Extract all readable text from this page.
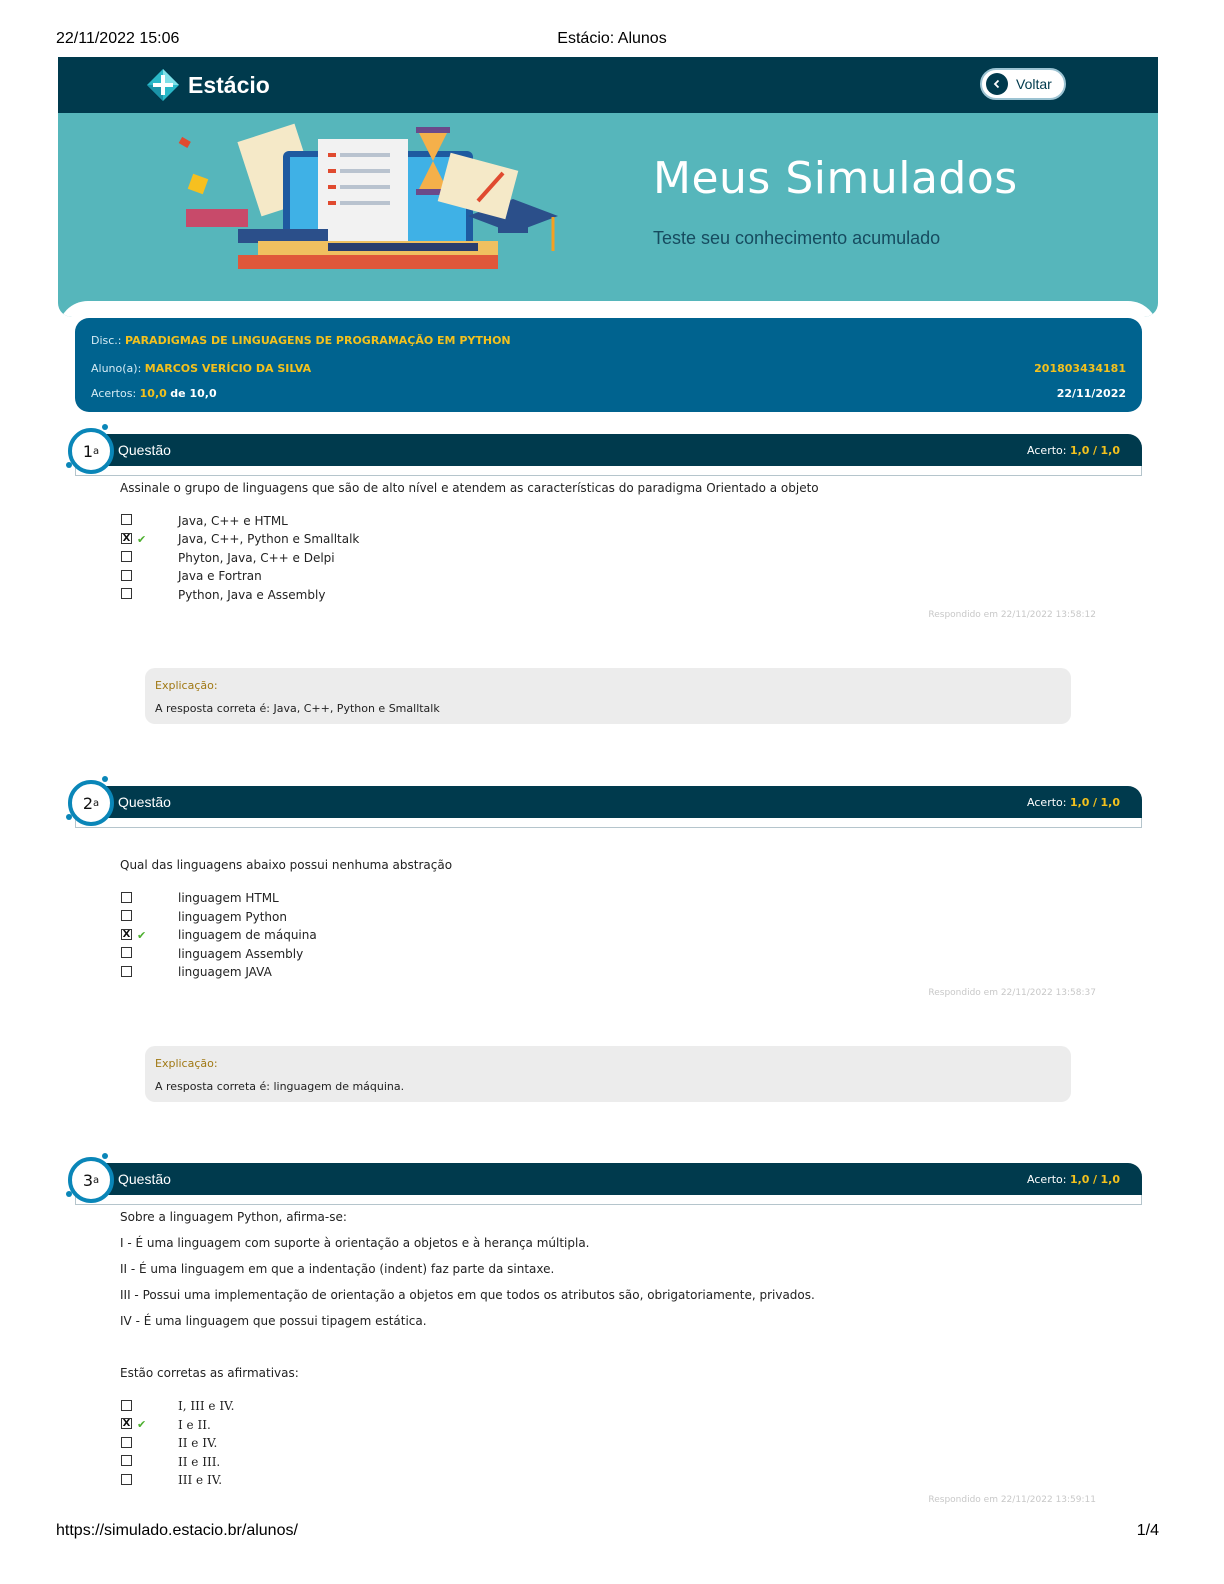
22/11/2022 15:06	Estácio: Alunos
Estácio	Voltar
Meus Simulados
Teste seu conhecimento acumulado
Disc.: PARADIGMAS DE LINGUAGENS DE PROGRAMAÇÃO EM PYTHON
Aluno(a): MARCOS VERÍCIO DA SILVA	201803434181
Acertos: 10,0 de 10,0	22/11/2022
Questão	Acerto: 1,0 / 1,0
1 a
Assinale o grupo de linguagens que são de alto nível e atendem as características do paradigma Orientado a objeto
Java, C++ e HTML
X
✔	Java, C++, Python e Smalltalk
Phyton, Java, C++ e Delpi
Java e Fortran
Python, Java e Assembly
Respondido em 22/11/2022 13:58:12
Explicação:
A resposta correta é: Java, C++, Python e Smalltalk
Questão	Acerto: 1,0 / 1,0
2 a
Qual das linguagens abaixo possui nenhuma abstração
linguagem HTML
linguagem Python
X
✔	linguagem de máquina
linguagem Assembly
linguagem JAVA
Respondido em 22/11/2022 13:58:37
Explicação:
A resposta correta é: linguagem de máquina.
Questão	Acerto: 1,0 / 1,0
3 a
Sobre a linguagem Python, afirma-se:
I - É uma linguagem com suporte à orientação a objetos e à herança múltipla.
II - É uma linguagem em que a indentação (indent) faz parte da sintaxe.
III - Possui uma implementação de orientação a objetos em que todos os atributos são, obrigatoriamente, privados.
IV - É uma linguagem que possui tipagem estática.
Estão corretas as afirmativas:
I, III e IV.
X
✔	I e II.
II e IV.
II e III.
III e IV.
Respondido em 22/11/2022 13:59:11
https://simulado.estacio.br/alunos/	1/4
